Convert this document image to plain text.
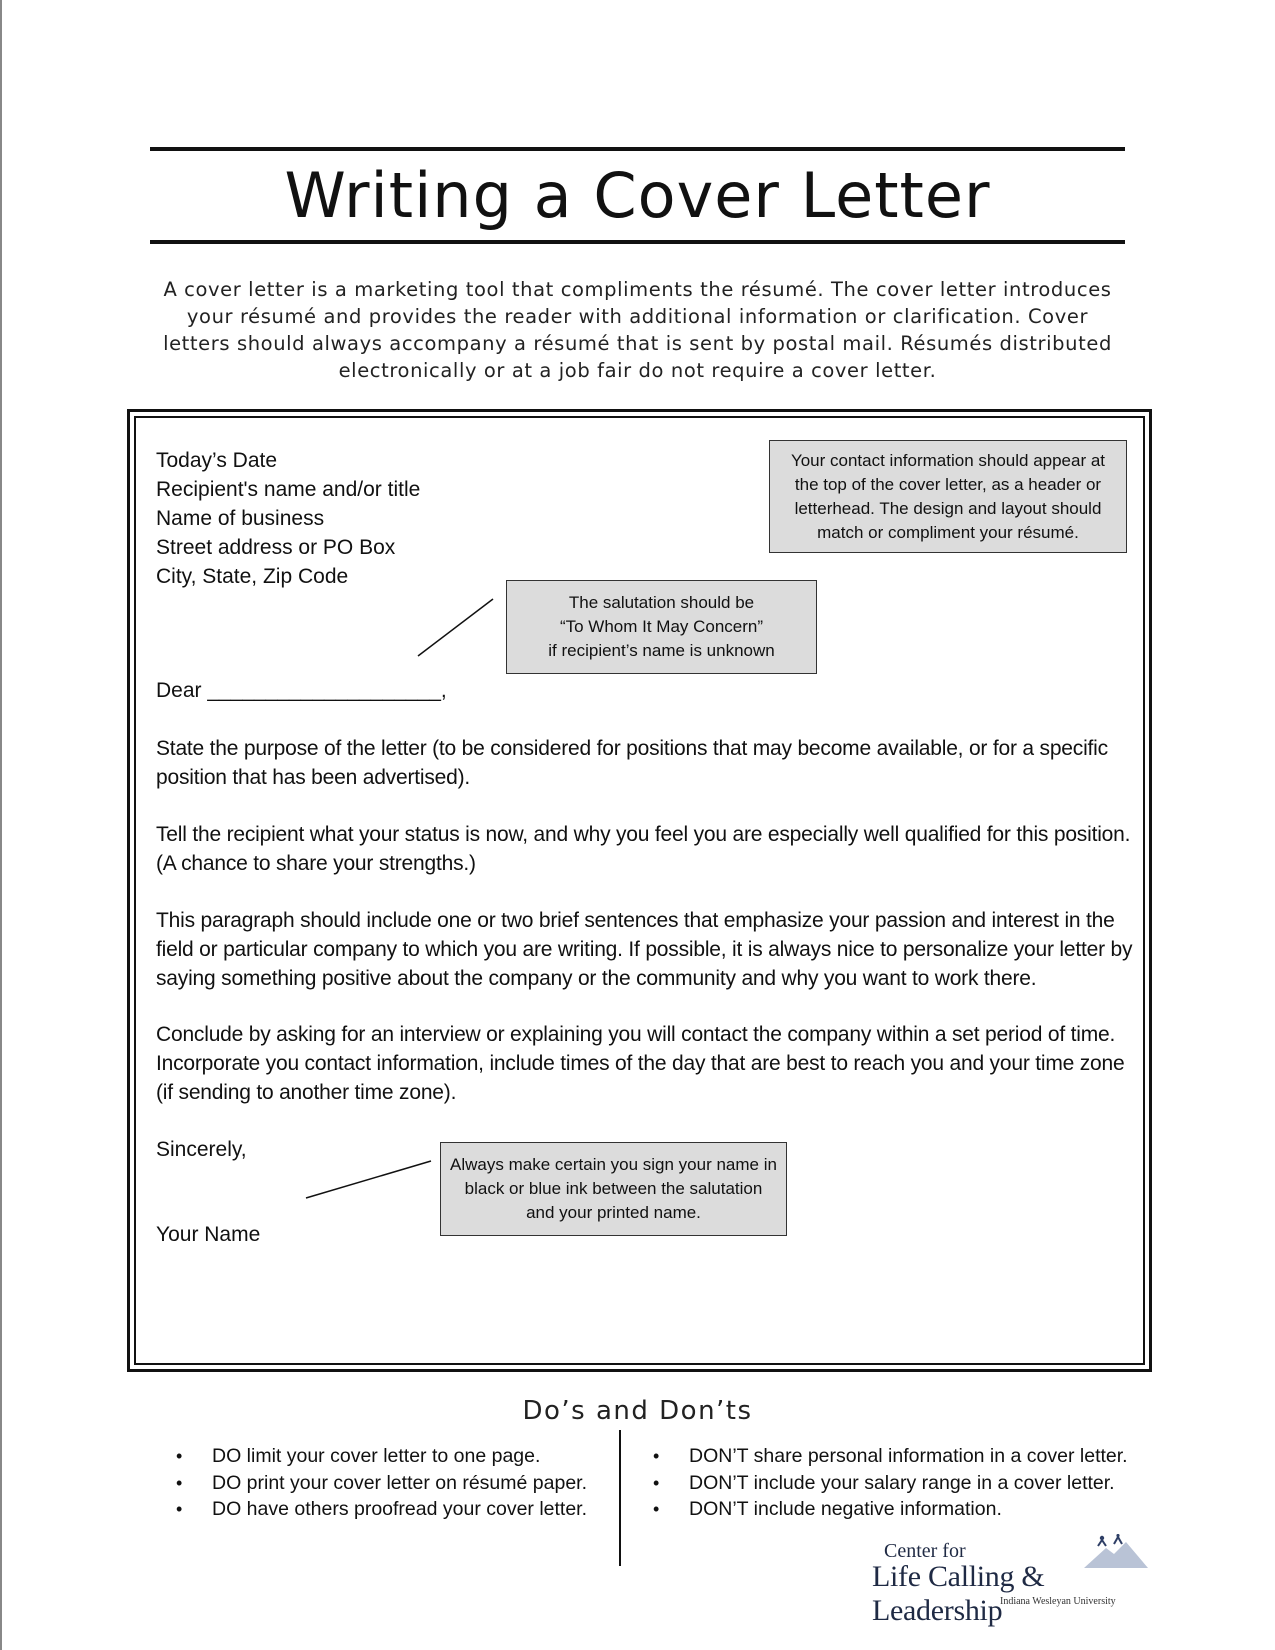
Writing a Cover Letter
A cover letter is a marketing tool that compliments the résumé. The cover letter introduces your résumé and provides the reader with additional information or clarification. Cover letters should always accompany a résumé that is sent by postal mail. Résumés distributed electronically or at a job fair do not require a cover letter.
Today’s Date
Recipient's name and/or title
Name of business
Street address or PO Box
City, State, Zip Code
Your contact information should appear at
the top of the cover letter, as a header or
letterhead. The design and layout should
match or compliment your résumé.
The salutation should be
“To Whom It May Concern”
if recipient’s name is unknown
Dear ____________________,
State the purpose of the letter (to be considered for positions that may become available, or for a specific position that has been advertised).
Tell the recipient what your status is now, and why you feel you are especially well qualified for this position. (A chance to share your strengths.)
This paragraph should include one or two brief sentences that emphasize your passion and interest in the field or particular company to which you are writing. If possible, it is always nice to personalize your letter by saying something positive about the company or the community and why you want to work there.
Conclude by asking for an interview or explaining you will contact the company within a set period of time. Incorporate you contact information, include times of the day that are best to reach you and your time zone (if sending to another time zone).
Sincerely,
Your Name
Always make certain you sign your name in
black or blue ink between the salutation
and your printed name.
Do’s and Don’ts
• DO limit your cover letter to one page.
• DO print your cover letter on résumé paper.
• DO have others proofread your cover letter.
• DON’T share personal information in a cover letter.
• DON’T include your salary range in a cover letter.
• DON’T include negative information.
Center for
Life Calling & Leadership
Indiana Wesleyan University
